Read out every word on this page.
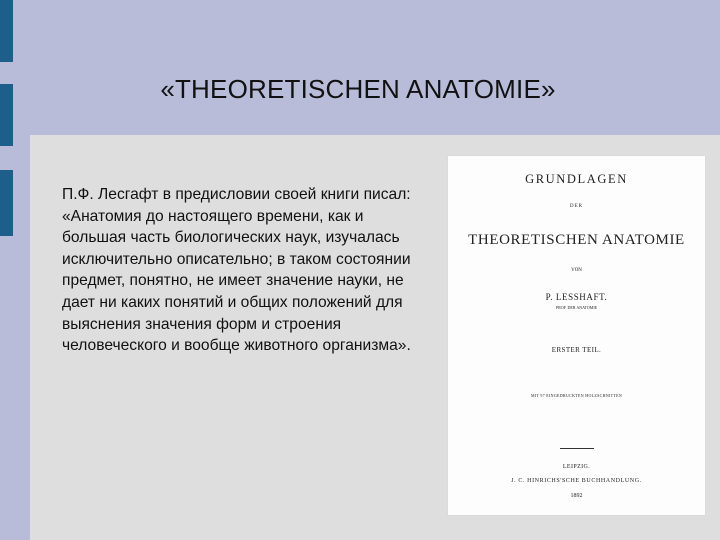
«THEORETISCHEN ANATOMIE»
П.Ф. Лесгафт в предисловии своей книги писал: «Анатомия до настоящего времени, как и большая часть биологических наук, изучалась исключительно описательно; в таком состоянии предмет, понятно, не имеет значение науки, не дает ни каких понятий и общих положений для выяснения значения форм и строения человеческого и вообще животного организма».
GRUNDLAGEN
DER
THEORETISCHEN ANATOMIE
VON
P. LESSHAFT.
PROF. DER ANATOMIE
ERSTER TEIL.
MIT 97 EINGEDRUCKTEN HOLZSCHNITTEN
LEIPZIG.
J. C. HINRICHS'SCHE BUCHHANDLUNG.
1892
